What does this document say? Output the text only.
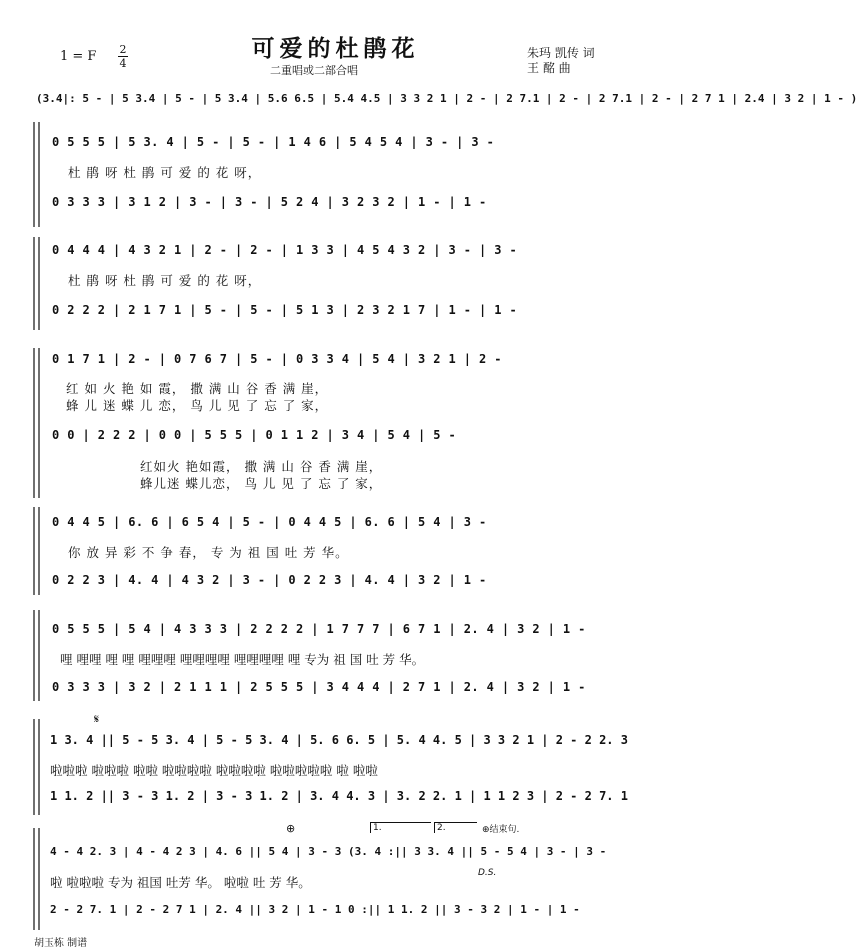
可爱的杜鹃花
二重唱或二部合唱
1 = F 2
4
朱玛 凯传 词
王 酩 曲
(3.4|: 5 - | 5 3.4 | 5 - | 5 3.4 | 5.6 6.5 | 5.4 4.5 | 3 3 2 1 | 2 - | 2 7.1 | 2 - | 2 7.1 | 2 - | 2 7 1 | 2.4 | 3 2 | 1 - )
0 5 5 5 | 5 3. 4 | 5 - | 5 - | 1 4 6 | 5 4 5 4 | 3 - | 3 -
杜 鹃 呀 杜 鹃 可 爱 的 花 呀，
0 3 3 3 | 3 1 2 | 3 - | 3 - | 5 2 4 | 3 2 3 2 | 1 - | 1 -
0 4 4 4 | 4 3 2 1 | 2 - | 2 - | 1 3 3 | 4 5 4 3 2 | 3 - | 3 -
杜 鹃 呀 杜 鹃 可 爱 的 花 呀，
0 2 2 2 | 2 1 7 1 | 5 - | 5 - | 5 1 3 | 2 3 2 1 7 | 1 - | 1 -
0 1 7 1 | 2 - | 0 7 6 7 | 5 - | 0 3 3 4 | 5 4 | 3 2 1 | 2 -
红 如 火 艳 如 霞， 撒 满 山 谷 香 满 崖，
蜂 儿 迷 蝶 儿 恋， 鸟 儿 见 了 忘 了 家，
0 0 | 2 2 2 | 0 0 | 5 5 5 | 0 1 1 2 | 3 4 | 5 4 | 5 -
红如火 艳如霞， 撒 满 山 谷 香 满 崖，
蜂儿迷 蝶儿恋， 鸟 儿 见 了 忘 了 家，
0 4 4 5 | 6. 6 | 6 5 4 | 5 - | 0 4 4 5 | 6. 6 | 5 4 | 3 -
你 放 异 彩 不 争 春， 专 为 祖 国 吐 芳 华。
0 2 2 3 | 4. 4 | 4 3 2 | 3 - | 0 2 2 3 | 4. 4 | 3 2 | 1 -
0 5 5 5 | 5 4 | 4 3 3 3 | 2 2 2 2 | 1 7 7 7 | 6 7 1 | 2. 4 | 3 2 | 1 -
哩 哩哩 哩 哩 哩哩哩 哩哩哩哩 哩哩哩哩 哩 专为 祖 国 吐 芳 华。
0 3 3 3 | 3 2 | 2 1 1 1 | 2 5 5 5 | 3 4 4 4 | 2 7 1 | 2. 4 | 3 2 | 1 -
𝄋
1 3. 4 || 5 - 5 3. 4 | 5 - 5 3. 4 | 5. 6 6. 5 | 5. 4 4. 5 | 3 3 2 1 | 2 - 2 2. 3
啦啦啦 啦啦啦 啦啦 啦啦啦啦 啦啦啦啦 啦啦啦啦啦 啦 啦啦
1 1. 2 || 3 - 3 1. 2 | 3 - 3 1. 2 | 3. 4 4. 3 | 3. 2 2. 1 | 1 1 2 3 | 2 - 2 7. 1
⊕	1.	2.	⊕结束句.
D.S.
4 - 4 2. 3 | 4 - 4 2 3 | 4. 6 || 5 4 | 3 - 3 (3. 4 :|| 3 3. 4 || 5 - 5 4 | 3 - | 3 -
啦 啦啦啦 专为 祖国 吐芳 华。 啦啦 吐 芳 华。
2 - 2 7. 1 | 2 - 2 7 1 | 2. 4 || 3 2 | 1 - 1 0 :|| 1 1. 2 || 3 - 3 2 | 1 - | 1 -
胡玉栋 制谱
